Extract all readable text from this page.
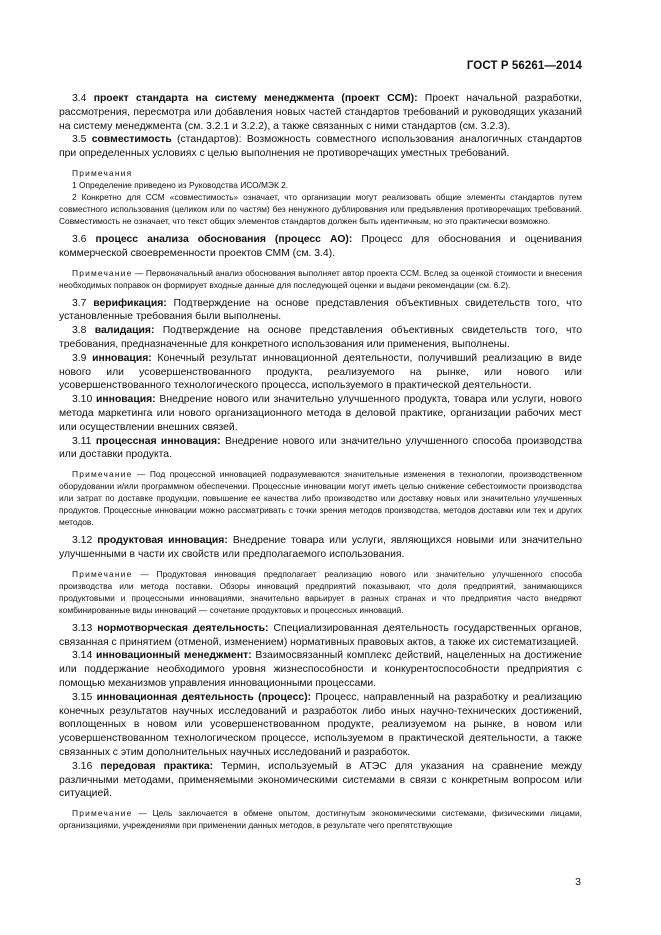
ГОСТ Р 56261—2014

3.4 проект стандарта на систему менеджмента (проект ССМ): Проект начальной разработки, рассмотрения, пересмотра или добавления новых частей стандартов требований и руководящих указаний на систему менеджмента (см. 3.2.1 и 3.2.2), а также связанных с ними стандартов (см. 3.2.3).

3.5 совместимость (стандартов): Возможность совместного использования аналогичных стандартов при определенных условиях с целью выполнения не противоречащих уместных требований.

Примечания

1 Определение приведено из Руководства ИСО/МЭК 2.

2 Конкретно для ССМ «совместимость» означает, что организации могут реализовать общие элементы стандартов путем совместного использования (целиком или по частям) без ненужного дублирования или предъявления противоречащих требований. Совместимость не означает, что текст общих элементов стандартов должен быть идентичным, но это практически возможно.

3.6 процесс анализа обоснования (процесс АО): Процесс для обоснования и оценивания коммерческой своевременности проектов СММ (см. 3.4).

Примечание — Первоначальный анализ обоснования выполняет автор проекта ССМ. Вслед за оценкой стоимости и внесения необходимых поправок он формирует входные данные для последующей оценки и выдачи рекомендации (см. 6.2).

3.7 верификация: Подтверждение на основе представления объективных свидетельств того, что установленные требования были выполнены.

3.8 валидация: Подтверждение на основе представления объективных свидетельств того, что требования, предназначенные для конкретного использования или применения, выполнены.

3.9 инновация: Конечный результат инновационной деятельности, получивший реализацию в виде нового или усовершенствованного продукта, реализуемого на рынке, или нового или усовершенствованного технологического процесса, используемого в практической деятельности.

3.10 инновация: Внедрение нового или значительно улучшенного продукта, товара или услуги, нового метода маркетинга или нового организационного метода в деловой практике, организации рабочих мест или осуществлении внешних связей.

3.11 процессная инновация: Внедрение нового или значительно улучшенного способа производства или доставки продукта.

Примечание — Под процессной инновацией подразумеваются значительные изменения в технологии, производственном оборудовании и/или программном обеспечении. Процессные инновации могут иметь целью снижение себестоимости производства или затрат по доставке продукции, повышение ее качества либо производство или доставку новых или значительно улучшенных продуктов. Процессные инновации можно рассматривать с точки зрения методов производства, методов доставки или тех и других методов.

3.12 продуктовая инновация: Внедрение товара или услуги, являющихся новыми или значительно улучшенными в части их свойств или предполагаемого использования.

Примечание — Продуктовая инновация предполагает реализацию нового или значительно улучшенного способа производства или метода поставки. Обзоры инноваций предприятий показывают, что доля предприятий, занимающихся продуктовыми и процессными инновациями, значительно варьирует в разных странах и что предприятия часто внедряют комбинированные виды инноваций — сочетание продуктовых и процессных инноваций.

3.13 нормотворческая деятельность: Специализированная деятельность государственных органов, связанная с принятием (отменой, изменением) нормативных правовых актов, а также их систематизацией.

3.14 инновационный менеджмент: Взаимосвязанный комплекс действий, нацеленных на достижение или поддержание необходимого уровня жизнеспособности и конкурентоспособности предприятия с помощью механизмов управления инновационными процессами.

3.15 инновационная деятельность (процесс): Процесс, направленный на разработку и реализацию конечных результатов научных исследований и разработок либо иных научно-технических достижений, воплощенных в новом или усовершенствованном продукте, реализуемом на рынке, в новом или усовершенствованном технологическом процессе, используемом в практической деятельности, а также связанных с этим дополнительных научных исследований и разработок.

3.16 передовая практика: Термин, используемый в АТЭС для указания на сравнение между различными методами, применяемыми экономическими системами в связи с конкретным вопросом или ситуацией.

Примечание — Цель заключается в обмене опытом, достигнутым экономическими системами, физическими лицами, организациями, учреждениями при применении данных методов, в результате чего препятствующие

3
